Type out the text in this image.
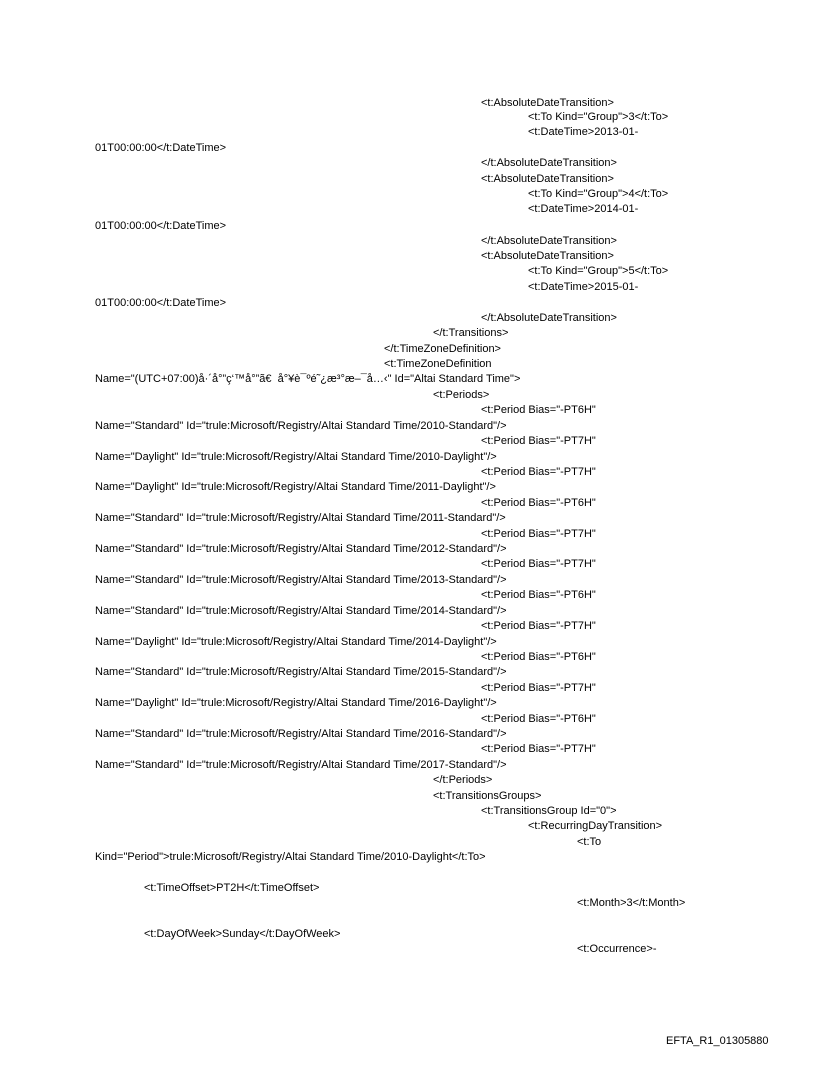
<t:AbsoluteDateTransition>
<t:To Kind="Group">3</t:To>
<t:DateTime>2013-01-
01T00:00:00</t:DateTime>
</t:AbsoluteDateTransition>
<t:AbsoluteDateTransition>
<t:To Kind="Group">4</t:To>
<t:DateTime>2014-01-
01T00:00:00</t:DateTime>
</t:AbsoluteDateTransition>
<t:AbsoluteDateTransition>
<t:To Kind="Group">5</t:To>
<t:DateTime>2015-01-
01T00:00:00</t:DateTime>
</t:AbsoluteDateTransition>
</t:Transitions>
</t:TimeZoneDefinition>
<t:TimeZoneDefinition
Name="(UTC+07:00)å·´å°”ç‘™å°”ã€  å°¥è¯ºé˜¿æ³°æ–¯å…‹" Id="Altai Standard Time">
<t:Periods>
<t:Period Bias="-PT6H"
Name="Standard" Id="trule:Microsoft/Registry/Altai Standard Time/2010-Standard"/>
<t:Period Bias="-PT7H"
Name="Daylight" Id="trule:Microsoft/Registry/Altai Standard Time/2010-Daylight"/>
<t:Period Bias="-PT7H"
Name="Daylight" Id="trule:Microsoft/Registry/Altai Standard Time/2011-Daylight"/>
<t:Period Bias="-PT6H"
Name="Standard" Id="trule:Microsoft/Registry/Altai Standard Time/2011-Standard"/>
<t:Period Bias="-PT7H"
Name="Standard" Id="trule:Microsoft/Registry/Altai Standard Time/2012-Standard"/>
<t:Period Bias="-PT7H"
Name="Standard" Id="trule:Microsoft/Registry/Altai Standard Time/2013-Standard"/>
<t:Period Bias="-PT6H"
Name="Standard" Id="trule:Microsoft/Registry/Altai Standard Time/2014-Standard"/>
<t:Period Bias="-PT7H"
Name="Daylight" Id="trule:Microsoft/Registry/Altai Standard Time/2014-Daylight"/>
<t:Period Bias="-PT6H"
Name="Standard" Id="trule:Microsoft/Registry/Altai Standard Time/2015-Standard"/>
<t:Period Bias="-PT7H"
Name="Daylight" Id="trule:Microsoft/Registry/Altai Standard Time/2016-Daylight"/>
<t:Period Bias="-PT6H"
Name="Standard" Id="trule:Microsoft/Registry/Altai Standard Time/2016-Standard"/>
<t:Period Bias="-PT7H"
Name="Standard" Id="trule:Microsoft/Registry/Altai Standard Time/2017-Standard"/>
</t:Periods>
<t:TransitionsGroups>
<t:TransitionsGroup Id="0">
<t:RecurringDayTransition>
<t:To
Kind="Period">trule:Microsoft/Registry/Altai Standard Time/2010-Daylight</t:To>
<t:TimeOffset>PT2H</t:TimeOffset>
<t:Month>3</t:Month>
<t:DayOfWeek>Sunday</t:DayOfWeek>
<t:Occurrence>-
EFTA_R1_01305880
